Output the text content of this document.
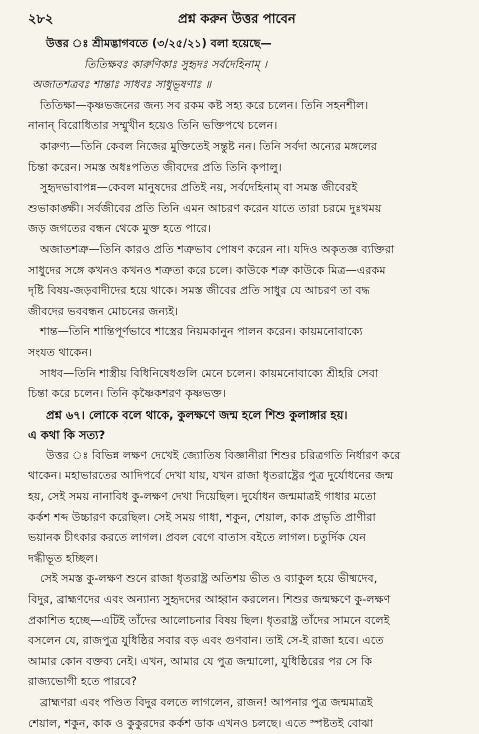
২৮২	প্রশ্ন করুন উত্তর পাবেন
উত্তর ঃ শ্রীমদ্ভাগবতে (৩/২৫/২১) বলা হয়েছে—
তিতিক্ষবঃ কারুণিকাঃ সুহৃদঃ সর্বদেহিনাম্ ।
অজাতশত্রবঃ শান্তাঃ সাধবঃ সাধুভূষণাঃ ॥
তিতিক্ষা—কৃষ্ণভজনের জন্য সব রকম কষ্ট সহ্য করে চলেন। তিনি সহনশীল।
নানান্ বিরোধিতার সম্মুখীন হয়েও তিনি ভক্তিপথে চলেন।
কারুণ্য—তিনি কেবল নিজের মুক্তিতেই সন্তুষ্ট নন। তিনি সর্বদা অন্যের মঙ্গলের
চিন্তা করেন। সমস্ত অধঃপতিত জীবদের প্রতি তিনি কৃপালু।
সুহৃদভাবাপন্ন—কেবল মানুষদের প্রতিই নয়, সর্বদেহিনাম্ বা সমস্ত জীবেরই
শুভাকাঙ্ক্ষী। সর্বজীবের প্রতি তিনি এমন আচরণ করেন যাতে তারা চরমে দুঃখময়
জড় জগতের বন্ধন থেকে মুক্ত হতে পারে।
অজাতশত্রু—তিনি কারও প্রতি শত্রুভাব পোষণ করেন না। যদিও অকৃতজ্ঞ ব্যক্তিরা
সাধুদের সঙ্গে কখনও কখনও শত্রুতা করে চলে। কাউকে শত্রু কাউকে মিত্র—এরকম
দৃষ্টি বিষয়-জড়বাদীদের হয়ে থাকে। সমস্ত জীবের প্রতি সাধুর যে আচরণ তা বদ্ধ
জীবদের ভববন্ধন মোচনের জন্যই।
শান্ত—তিনি শান্তিপূর্ণভাবে শাস্ত্রের নিয়মকানুন পালন করেন। কায়মনোবাক্যে
সংযত থাকেন।
সাধব—তিনি শাস্ত্রীয় বিধিনিষেধগুলি মেনে চলেন। কায়মনোবাক্যে শ্রীহরি সেবা
চিন্তা করে চলেন। তিনি কৃষ্ণৈকশরণ কৃষ্ণভক্ত।
প্রশ্ন ৬৭। লোকে বলে থাকে, কুলক্ষণে জন্ম হলে শিশু কুলাঙ্গার হয়।
এ কথা কি সত্য?
উত্তর ঃ বিভিন্ন লক্ষণ দেখেই জ্যোতিষ বিজ্ঞানীরা শিশুর চরিত্রগতি নির্ধারণ করে
থাকেন। মহাভারতের আদিপর্বে দেখা যায়, যখন রাজা ধৃতরাষ্ট্রের পুত্র দুর্যোধনের জন্ম
হয়, সেই সময় নানাবিধ কু-লক্ষণ দেখা দিয়েছিল। দুর্যোধন জন্মমাত্রই গাধার মতো
কর্কশ শব্দ উচ্চারণ করেছিল। সেই সময় গাধা, শকুন, শেয়াল, কাক প্রভৃতি প্রাণীরা
ভয়ানক চীৎকার করতে লাগল। প্রবল বেগে বাতাস বইতে লাগল। চতুর্দিক যেন
দগ্ধীভূত হচ্ছিল।
সেই সমস্ত কু-লক্ষণ শুনে রাজা ধৃতরাষ্ট্র অতিশয় ভীত ও ব্যাকুল হয়ে ভীষ্মদেব,
বিদুর, ব্রাহ্মণদের এবং অন্যান্য সুহৃদদের আহ্বান করলেন। শিশুর জন্মক্ষণে কু-লক্ষণ
প্রকাশিত হচ্ছে—এটিই তাঁদের আলোচনার বিষয় ছিল। ধৃতরাষ্ট্র তাঁদের সামনে বলেই
বসলেন যে, রাজপুত্র যুধিষ্ঠির সবার বড় এবং গুণবান। তাই সে-ই রাজা হবে। এতে
আমার কোন বক্তব্য নেই। এখন, আমার যে পুত্র জন্মালো, যুধিষ্ঠিরের পর সে কি
রাজ্যভোগী হতে পারবে?
ব্রাহ্মণরা এবং পণ্ডিত বিদুর বলতে লাগলেন, রাজন! আপনার পুত্র জন্মমাত্রই
শেয়াল, শকুন, কাক ও কুকুরদের কর্কশ ডাক এখনও চলছে। এতে স্পষ্টতই বোঝা
